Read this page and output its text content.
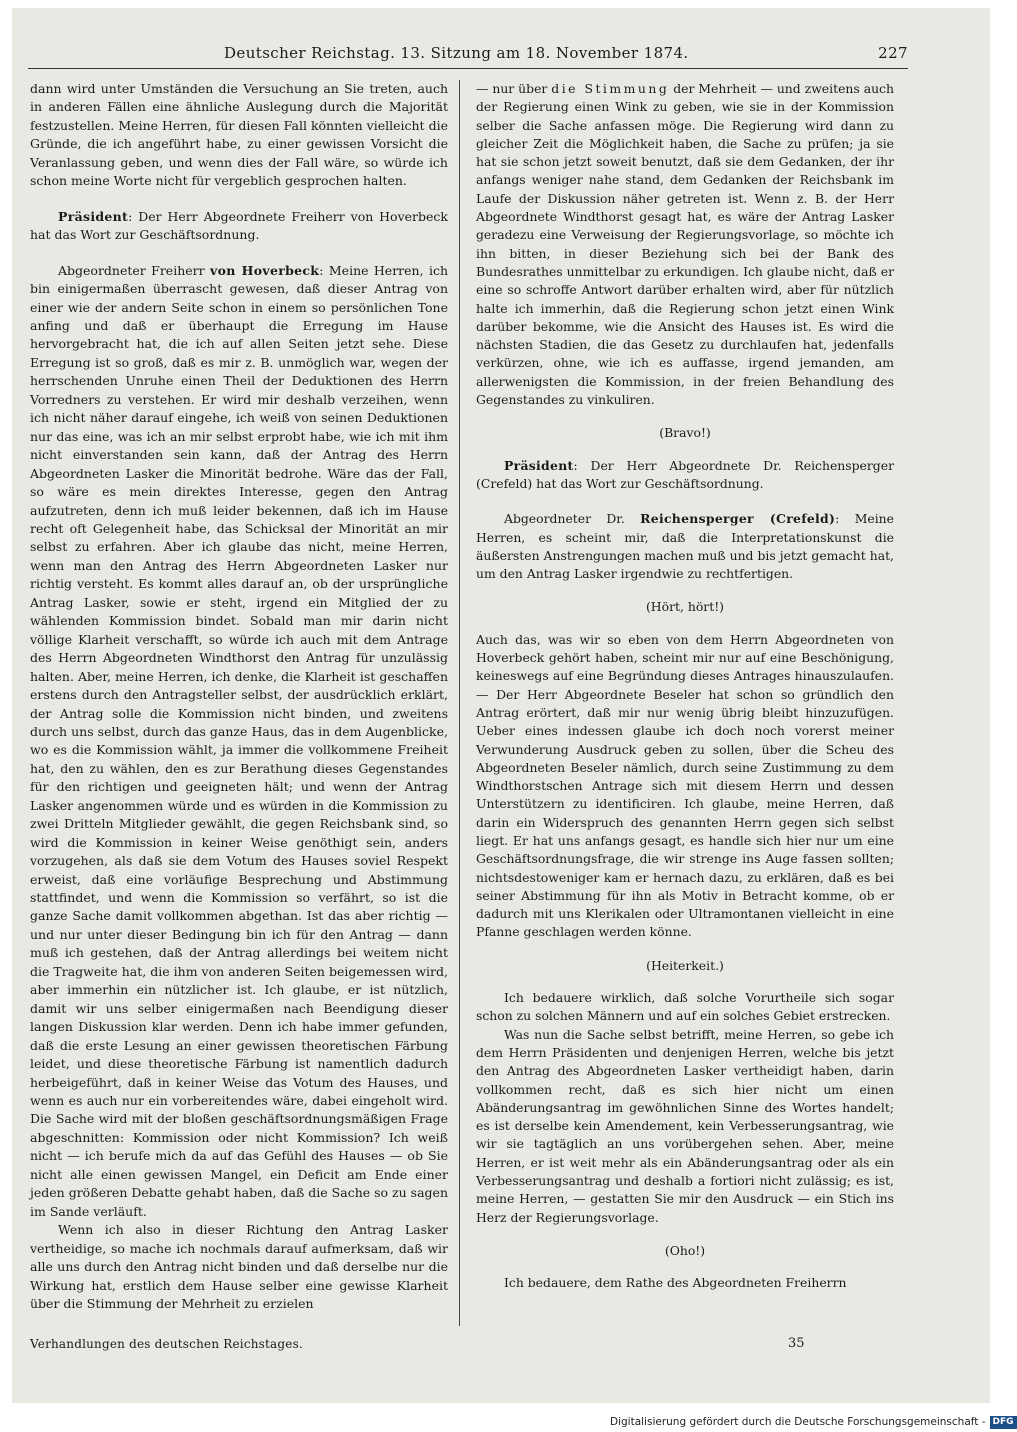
Deutscher Reichstag. 13. Sitzung am 18. November 1874.	227

dann wird unter Umständen die Versuchung an Sie treten, auch in anderen Fällen eine ähnliche Auslegung durch die Majorität festzustellen. Meine Herren, für diesen Fall könnten vielleicht die Gründe, die ich angeführt habe, zu einer gewissen Vorsicht die Veranlassung geben, und wenn dies der Fall wäre, so würde ich schon meine Worte nicht für vergeblich gesprochen halten.

Präsident: Der Herr Abgeordnete Freiherr von Hoverbeck hat das Wort zur Geschäftsordnung.

Abgeordneter Freiherr von Hoverbeck: Meine Herren, ich bin einigermaßen überrascht gewesen, daß dieser Antrag von einer wie der andern Seite schon in einem so persönlichen Tone anfing und daß er überhaupt die Erregung im Hause hervorgebracht hat, die ich auf allen Seiten jetzt sehe. Diese Erregung ist so groß, daß es mir z. B. unmöglich war, wegen der herrschenden Unruhe einen Theil der Deduktionen des Herrn Vorredners zu verstehen. Er wird mir deshalb verzeihen, wenn ich nicht näher darauf eingehe, ich weiß von seinen Deduktionen nur das eine, was ich an mir selbst erprobt habe, wie ich mit ihm nicht einverstanden sein kann, daß der Antrag des Herrn Abgeordneten Lasker die Minorität bedrohe. Wäre das der Fall, so wäre es mein direktes Interesse, gegen den Antrag aufzutreten, denn ich muß leider bekennen, daß ich im Hause recht oft Gelegenheit habe, das Schicksal der Minorität an mir selbst zu erfahren. Aber ich glaube das nicht, meine Herren, wenn man den Antrag des Herrn Abgeordneten Lasker nur richtig versteht. Es kommt alles darauf an, ob der ursprüngliche Antrag Lasker, sowie er steht, irgend ein Mitglied der zu wählenden Kommission bindet. Sobald man mir darin nicht völlige Klarheit verschafft, so würde ich auch mit dem Antrage des Herrn Abgeordneten Windthorst den Antrag für unzulässig halten. Aber, meine Herren, ich denke, die Klarheit ist geschaffen erstens durch den Antragsteller selbst, der ausdrücklich erklärt, der Antrag solle die Kommission nicht binden, und zweitens durch uns selbst, durch das ganze Haus, das in dem Augenblicke, wo es die Kommission wählt, ja immer die vollkommene Freiheit hat, den zu wählen, den es zur Berathung dieses Gegenstandes für den richtigen und geeigneten hält; und wenn der Antrag Lasker angenommen würde und es würden in die Kommission zu zwei Dritteln Mitglieder gewählt, die gegen Reichsbank sind, so wird die Kommission in keiner Weise genöthigt sein, anders vorzugehen, als daß sie dem Votum des Hauses soviel Respekt erweist, daß eine vorläufige Besprechung und Abstimmung stattfindet, und wenn die Kommission so verfährt, so ist die ganze Sache damit vollkommen abgethan. Ist das aber richtig — und nur unter dieser Bedingung bin ich für den Antrag — dann muß ich gestehen, daß der Antrag allerdings bei weitem nicht die Tragweite hat, die ihm von anderen Seiten beigemessen wird, aber immerhin ein nützlicher ist. Ich glaube, er ist nützlich, damit wir uns selber einigermaßen nach Beendigung dieser langen Diskussion klar werden. Denn ich habe immer gefunden, daß die erste Lesung an einer gewissen theoretischen Färbung leidet, und diese theoretische Färbung ist namentlich dadurch herbeigeführt, daß in keiner Weise das Votum des Hauses, und wenn es auch nur ein vorbereitendes wäre, dabei eingeholt wird. Die Sache wird mit der bloßen geschäftsordnungsmäßigen Frage abgeschnitten: Kommission oder nicht Kommission? Ich weiß nicht — ich berufe mich da auf das Gefühl des Hauses — ob Sie nicht alle einen gewissen Mangel, ein Deficit am Ende einer jeden größeren Debatte gehabt haben, daß die Sache so zu sagen im Sande verläuft.

Wenn ich also in dieser Richtung den Antrag Lasker vertheidige, so mache ich nochmals darauf aufmerksam, daß wir alle uns durch den Antrag nicht binden und daß derselbe nur die Wirkung hat, erstlich dem Hause selber eine gewisse Klarheit über die Stimmung der Mehrheit zu erzielen

— nur über die Stimmung der Mehrheit — und zweitens auch der Regierung einen Wink zu geben, wie sie in der Kommission selber die Sache anfassen möge. Die Regierung wird dann zu gleicher Zeit die Möglichkeit haben, die Sache zu prüfen; ja sie hat sie schon jetzt soweit benutzt, daß sie dem Gedanken, der ihr anfangs weniger nahe stand, dem Gedanken der Reichsbank im Laufe der Diskussion näher getreten ist. Wenn z. B. der Herr Abgeordnete Windthorst gesagt hat, es wäre der Antrag Lasker geradezu eine Verweisung der Regierungsvorlage, so möchte ich ihn bitten, in dieser Beziehung sich bei der Bank des Bundesrathes unmittelbar zu erkundigen. Ich glaube nicht, daß er eine so schroffe Antwort darüber erhalten wird, aber für nützlich halte ich immerhin, daß die Regierung schon jetzt einen Wink darüber bekomme, wie die Ansicht des Hauses ist. Es wird die nächsten Stadien, die das Gesetz zu durchlaufen hat, jedenfalls verkürzen, ohne, wie ich es auffasse, irgend jemanden, am allerwenigsten die Kommission, in der freien Behandlung des Gegenstandes zu vinkuliren.

(Bravo!)

Präsident: Der Herr Abgeordnete Dr. Reichensperger (Crefeld) hat das Wort zur Geschäftsordnung.

Abgeordneter Dr. Reichensperger (Crefeld): Meine Herren, es scheint mir, daß die Interpretationskunst die äußersten Anstrengungen machen muß und bis jetzt gemacht hat, um den Antrag Lasker irgendwie zu rechtfertigen.

(Hört, hört!)

Auch das, was wir so eben von dem Herrn Abgeordneten von Hoverbeck gehört haben, scheint mir nur auf eine Beschönigung, keineswegs auf eine Begründung dieses Antrages hinauszulaufen. — Der Herr Abgeordnete Beseler hat schon so gründlich den Antrag erörtert, daß mir nur wenig übrig bleibt hinzuzufügen. Ueber eines indessen glaube ich doch noch vorerst meiner Verwunderung Ausdruck geben zu sollen, über die Scheu des Abgeordneten Beseler nämlich, durch seine Zustimmung zu dem Windthorstschen Antrage sich mit diesem Herrn und dessen Unterstützern zu identificiren. Ich glaube, meine Herren, daß darin ein Widerspruch des genannten Herrn gegen sich selbst liegt. Er hat uns anfangs gesagt, es handle sich hier nur um eine Geschäftsordnungsfrage, die wir strenge ins Auge fassen sollten; nichtsdestoweniger kam er hernach dazu, zu erklären, daß es bei seiner Abstimmung für ihn als Motiv in Betracht komme, ob er dadurch mit uns Klerikalen oder Ultramontanen vielleicht in eine Pfanne geschlagen werden könne.

(Heiterkeit.)

Ich bedauere wirklich, daß solche Vorurtheile sich sogar schon zu solchen Männern und auf ein solches Gebiet erstrecken.

Was nun die Sache selbst betrifft, meine Herren, so gebe ich dem Herrn Präsidenten und denjenigen Herren, welche bis jetzt den Antrag des Abgeordneten Lasker vertheidigt haben, darin vollkommen recht, daß es sich hier nicht um einen Abänderungsantrag im gewöhnlichen Sinne des Wortes handelt; es ist derselbe kein Amendement, kein Verbesserungsantrag, wie wir sie tagtäglich an uns vorübergehen sehen. Aber, meine Herren, er ist weit mehr als ein Abänderungsantrag oder als ein Verbesserungsantrag und deshalb a fortiori nicht zulässig; es ist, meine Herren, — gestatten Sie mir den Ausdruck — ein Stich ins Herz der Regierungsvorlage.

(Oho!)

Ich bedauere, dem Rathe des Abgeordneten Freiherrn

Verhandlungen des deutschen Reichstages.	35
Digitalisierung gefördert durch die Deutsche Forschungsgemeinschaft - DFG
